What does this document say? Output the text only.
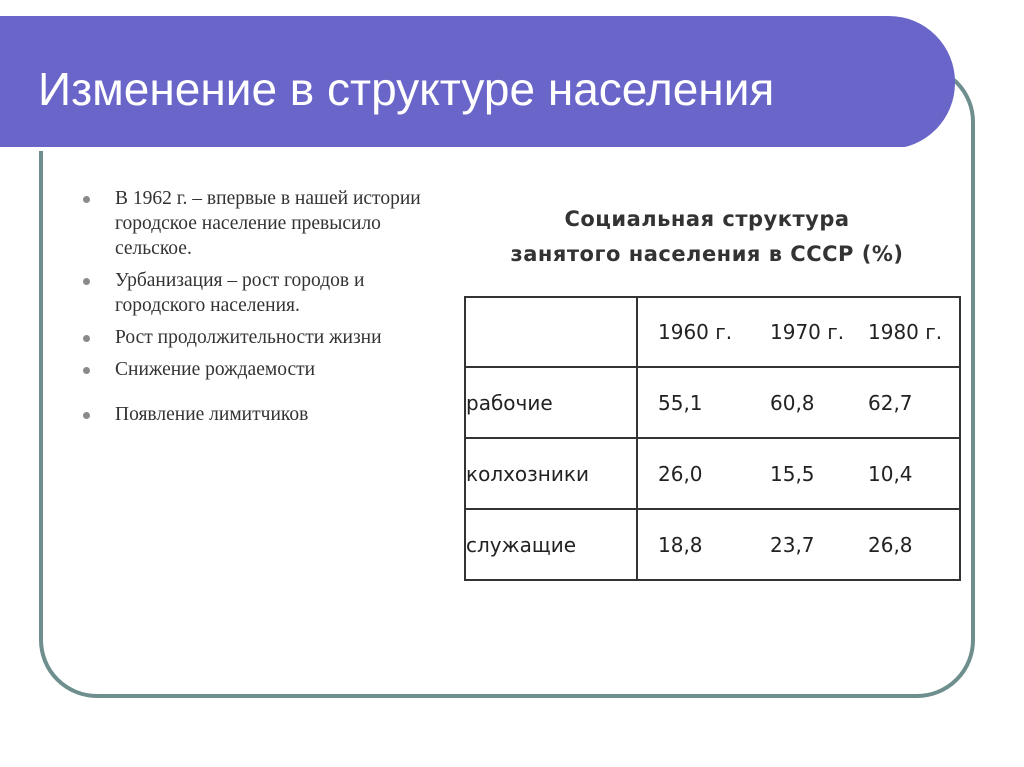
Изменение в структуре населения
В 1962 г. – впервые в нашей истории городское население превысило сельское.
Урбанизация – рост городов и городского населения.
Рост продолжительности жизни
Снижение рождаемости
Появление лимитчиков
Социальная структура
занятого населения в СССР (%)

	1960 г. 1970 г. 1980 г.

рабочие	55,1 60,8 62,7

колхозники	26,0 15,5 10,4

служащие	18,8 23,7 26,8
